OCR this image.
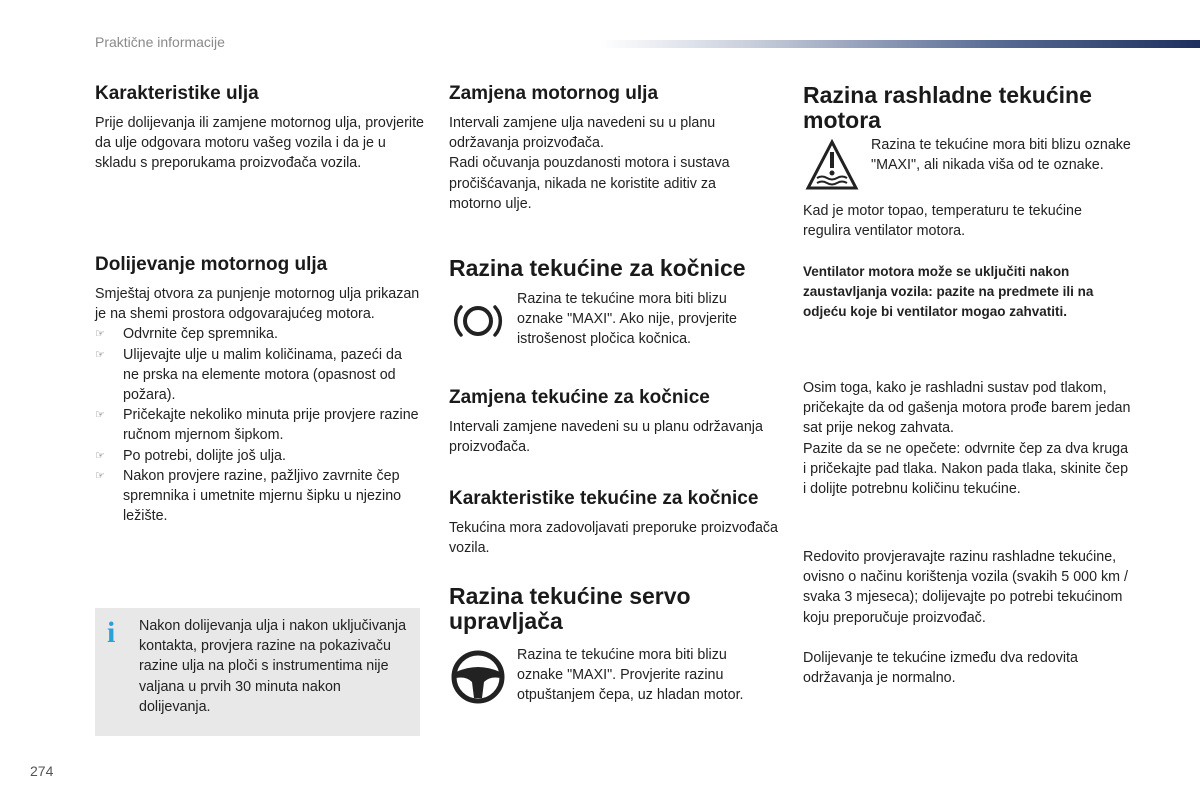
Praktične informacije
Karakteristike ulja

Prije dolijevanja ili zamjene motornog ulja, provjerite da ulje odgovara motoru vašeg vozila i da je u skladu s preporukama proizvođača vozila.

Dolijevanje motornog ulja

Smještaj otvora za punjenje motornog ulja prikazan je na shemi prostora odgovarajućeg motora.

☞ Odvrnite čep spremnika.
☞ Ulijevajte ulje u malim količinama, pazeći da ne prska na elemente motora (opasnost od požara).
☞ Pričekajte nekoliko minuta prije provjere razine ručnom mjernom šipkom.
☞ Po potrebi, dolijte još ulja.
☞ Nakon provjere razine, pažljivo zavrnite čep spremnika i umetnite mjernu šipku u njezino ležište.
i Nakon dolijevanja ulja i nakon uključivanja kontakta, provjera razine na pokazivaču razine ulja na ploči s instrumentima nije valjana u prvih 30 minuta nakon dolijevanja.

Zamjena motornog ulja

Intervali zamjene ulja navedeni su u planu održavanja proizvođača.

Radi očuvanja pouzdanosti motora i sustava pročišćavanja, nikada ne koristite aditiv za motorno ulje.

Razina tekućine za kočnice

Razina te tekućine mora biti blizu oznake "MAXI". Ako nije, provjerite istrošenost pločica kočnica.

Zamjena tekućine za kočnice

Intervali zamjene navedeni su u planu održavanja proizvođača.

Karakteristike tekućine za kočnice

Tekućina mora zadovoljavati preporuke proizvođača vozila.

Razina tekućine servo upravljača

Razina te tekućine mora biti blizu oznake "MAXI". Provjerite razinu otpuštanjem čepa, uz hladan motor.

Razina rashladne tekućine motora

Razina te tekućine mora biti blizu oznake "MAXI", ali nikada viša od te oznake.

Kad je motor topao, temperaturu te tekućine regulira ventilator motora.

Ventilator motora može se uključiti nakon zaustavljanja vozila: pazite na predmete ili na odjeću koje bi ventilator mogao zahvatiti.

Osim toga, kako je rashladni sustav pod tlakom, pričekajte da od gašenja motora prođe barem jedan sat prije nekog zahvata.

Pazite da se ne opečete: odvrnite čep za dva kruga i pričekajte pad tlaka. Nakon pada tlaka, skinite čep i dolijte potrebnu količinu tekućine.

Redovito provjeravajte razinu rashladne tekućine, ovisno o načinu korištenja vozila (svakih 5 000 km / svaka 3 mjeseca); dolijevajte po potrebi tekućinom koju preporučuje proizvođač.

Dolijevanje te tekućine između dva redovita održavanja je normalno.

274
